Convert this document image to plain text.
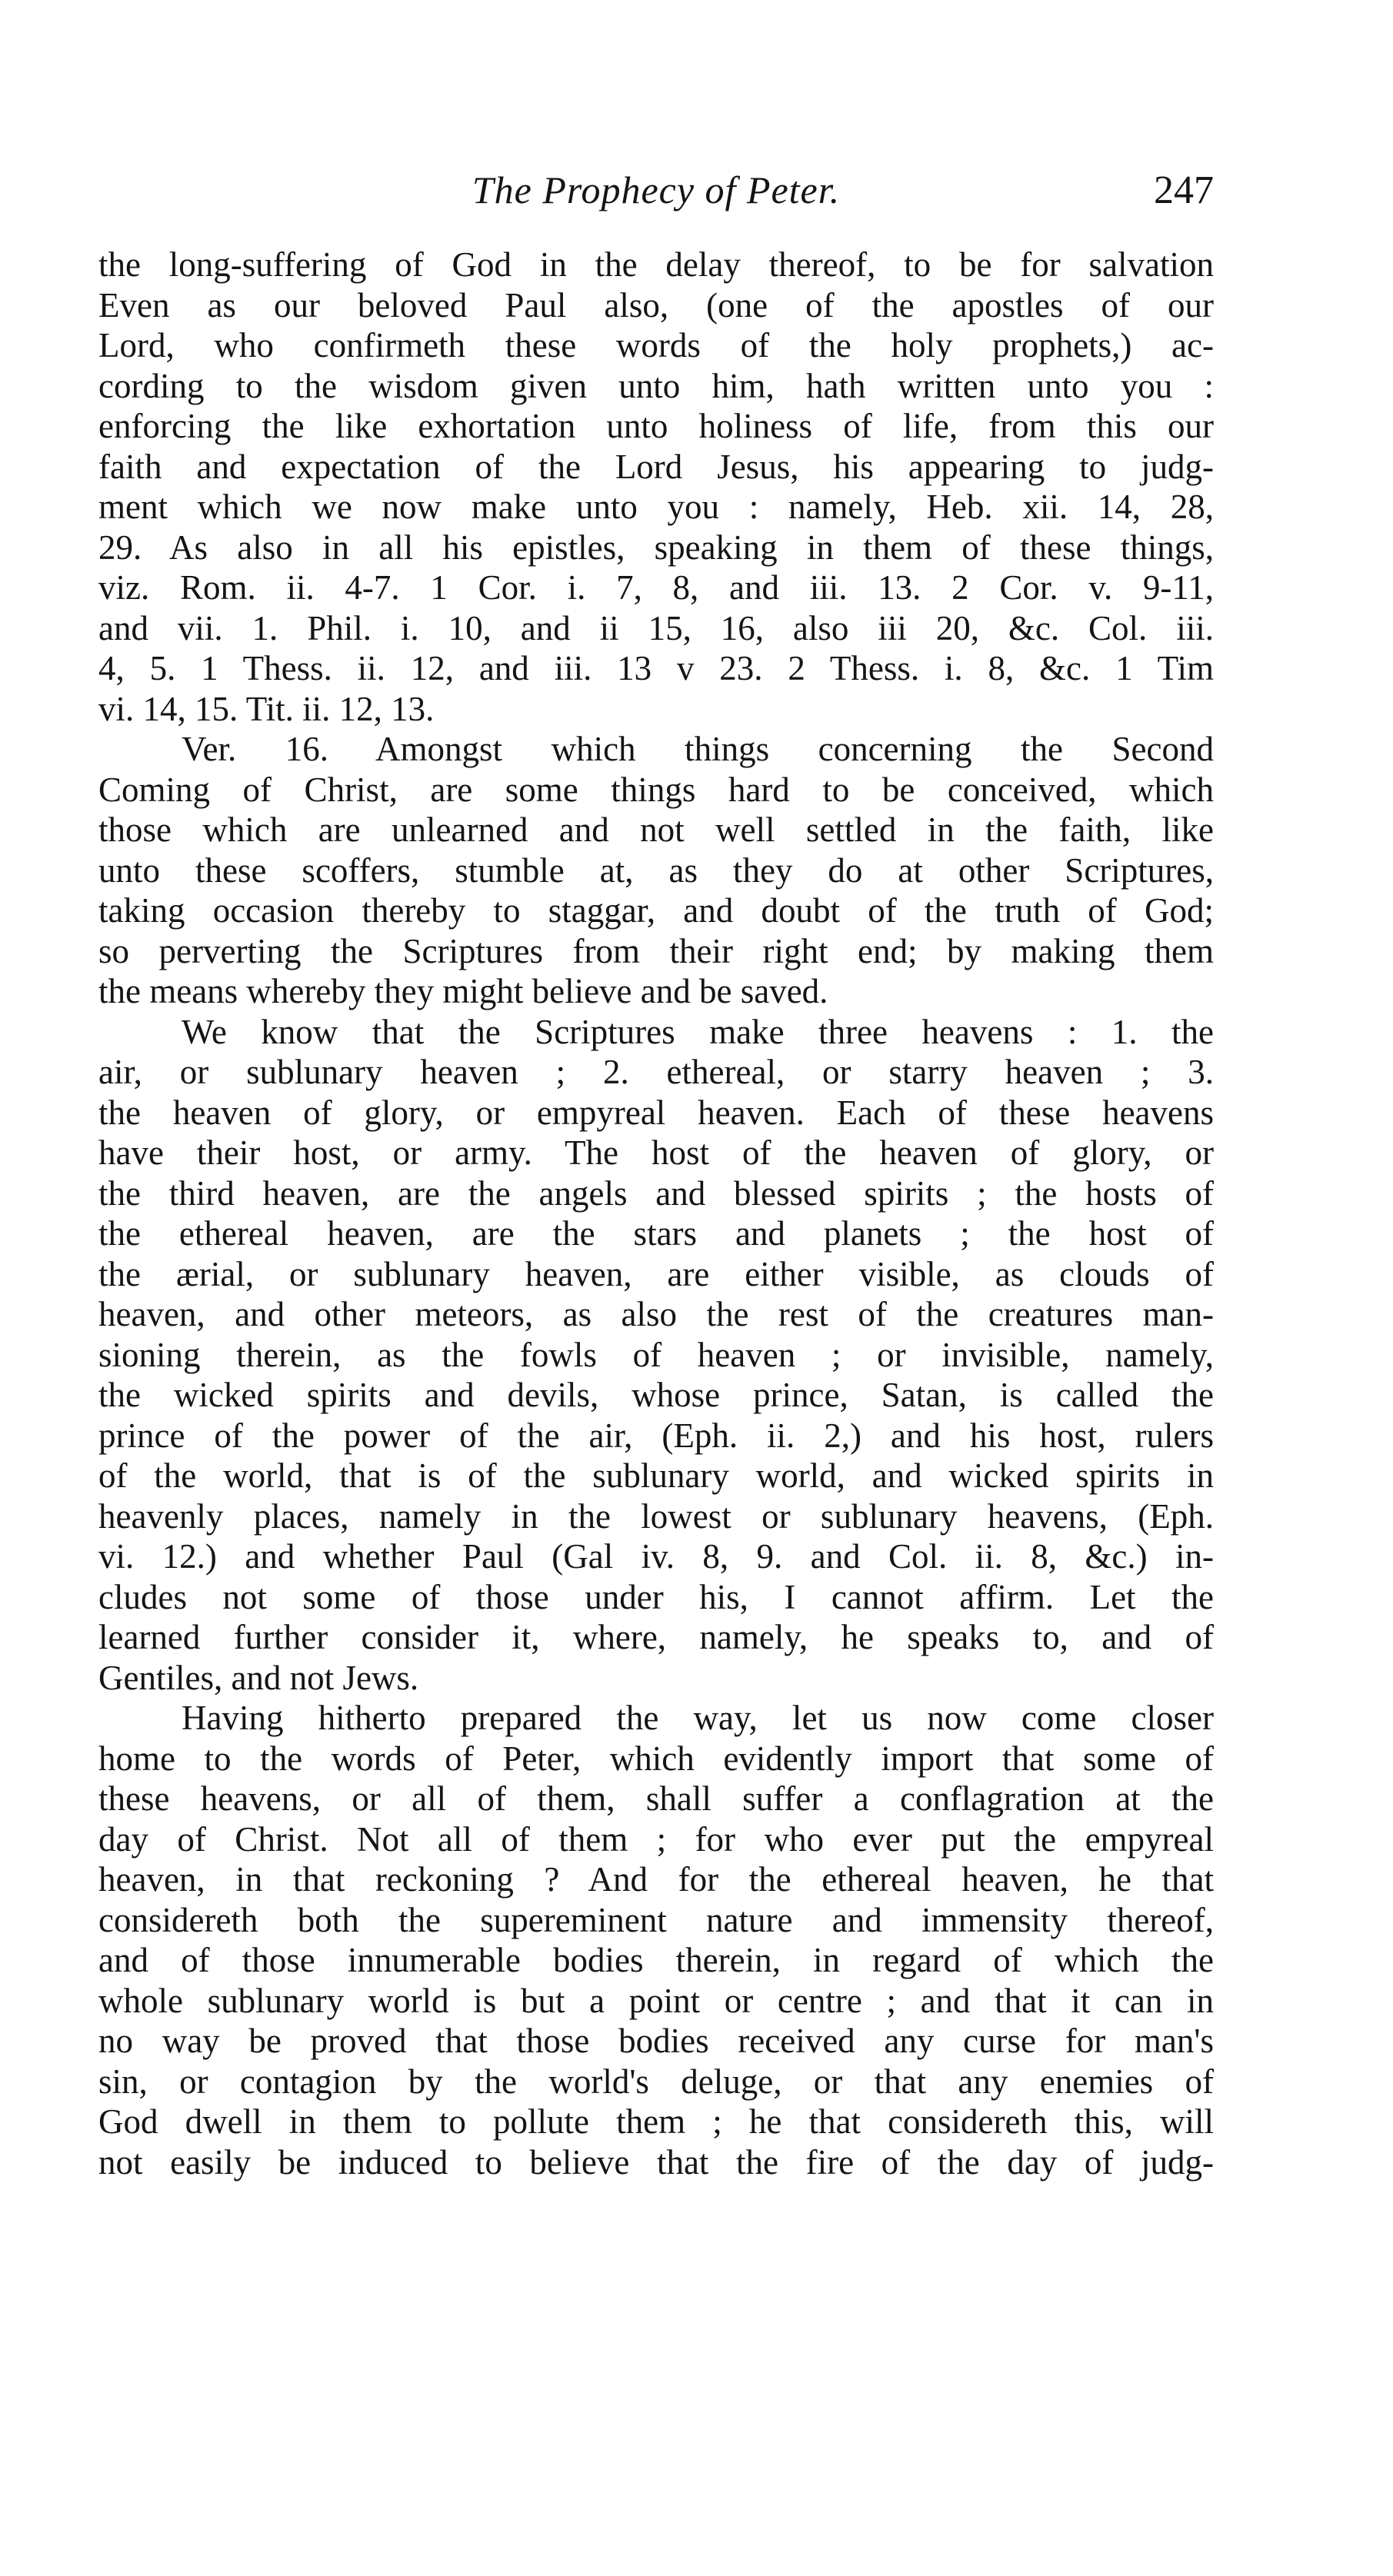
The Prophecy of Peter.	247
the long-suffering of God in the delay thereof, to be for salvation
Even as our beloved Paul also, (one of the apostles of our
Lord, who confirmeth these words of the holy prophets,) ac-
cording to the wisdom given unto him, hath written unto you :
enforcing the like exhortation unto holiness of life, from this our
faith and expectation of the Lord Jesus, his appearing to judg-
ment which we now make unto you : namely, Heb. xii. 14, 28,
29. As also in all his epistles, speaking in them of these things,
viz. Rom. ii. 4-7. 1 Cor. i. 7, 8, and iii. 13. 2 Cor. v. 9-11,
and vii. 1. Phil. i. 10, and ii 15, 16, also iii 20, &c. Col. iii.
4, 5. 1 Thess. ii. 12, and iii. 13 v 23. 2 Thess. i. 8, &c. 1 Tim
vi. 14, 15. Tit. ii. 12, 13.
Ver. 16. Amongst which things concerning the Second
Coming of Christ, are some things hard to be conceived, which
those which are unlearned and not well settled in the faith, like
unto these scoffers, stumble at, as they do at other Scriptures,
taking occasion thereby to staggar, and doubt of the truth of God;
so perverting the Scriptures from their right end; by making them
the means whereby they might believe and be saved.
We know that the Scriptures make three heavens : 1. the
air, or sublunary heaven ; 2. ethereal, or starry heaven ; 3.
the heaven of glory, or empyreal heaven. Each of these heavens
have their host, or army. The host of the heaven of glory, or
the third heaven, are the angels and blessed spirits ; the hosts of
the ethereal heaven, are the stars and planets ; the host of
the ærial, or sublunary heaven, are either visible, as clouds of
heaven, and other meteors, as also the rest of the creatures man-
sioning therein, as the fowls of heaven ; or invisible, namely,
the wicked spirits and devils, whose prince, Satan, is called the
prince of the power of the air, (Eph. ii. 2,) and his host, rulers
of the world, that is of the sublunary world, and wicked spirits in
heavenly places, namely in the lowest or sublunary heavens, (Eph.
vi. 12.) and whether Paul (Gal iv. 8, 9. and Col. ii. 8, &c.) in-
cludes not some of those under his, I cannot affirm. Let the
learned further consider it, where, namely, he speaks to, and of
Gentiles, and not Jews.
Having hitherto prepared the way, let us now come closer
home to the words of Peter, which evidently import that some of
these heavens, or all of them, shall suffer a conflagration at the
day of Christ. Not all of them ; for who ever put the empyreal
heaven, in that reckoning ? And for the ethereal heaven, he that
considereth both the supereminent nature and immensity thereof,
and of those innumerable bodies therein, in regard of which the
whole sublunary world is but a point or centre ; and that it can in
no way be proved that those bodies received any curse for man's
sin, or contagion by the world's deluge, or that any enemies of
God dwell in them to pollute them ; he that considereth this, will
not easily be induced to believe that the fire of the day of judg-
